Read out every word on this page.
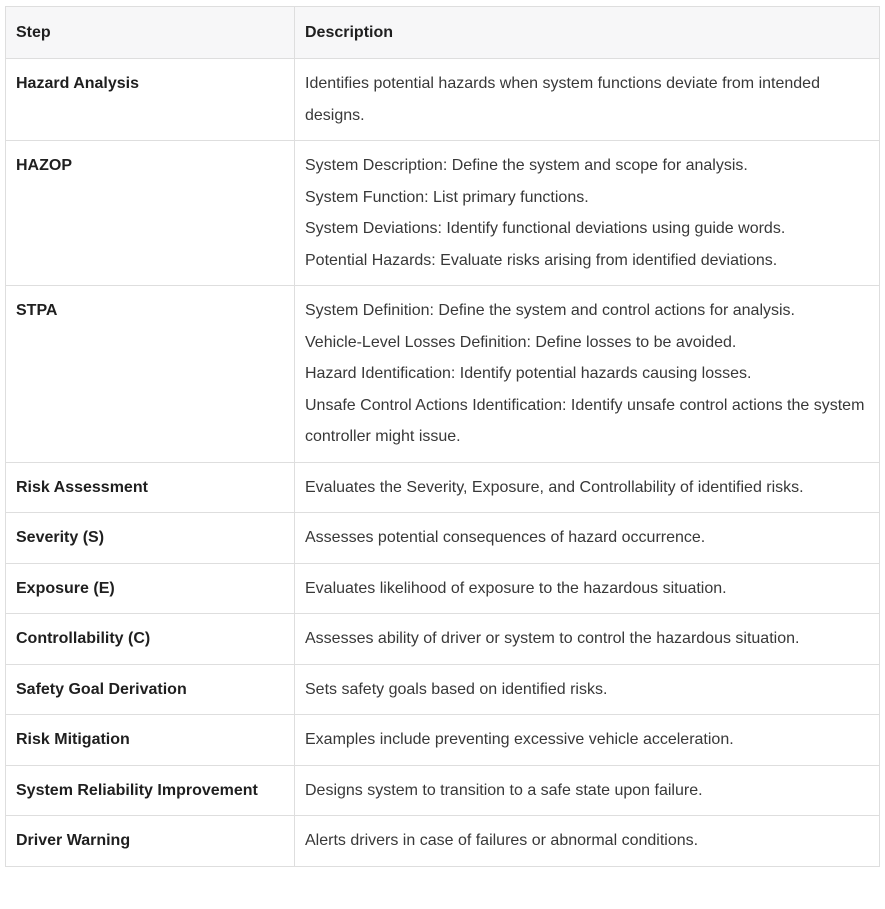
Step	Description
Hazard Analysis	Identifies potential hazards when system functions deviate from intended designs.

HAZOP	System Description: Define the system and scope for analysis.
System Function: List primary functions.
System Deviations: Identify functional deviations using guide words.
Potential Hazards: Evaluate risks arising from identified deviations.

STPA	System Definition: Define the system and control actions for analysis.
Vehicle-Level Losses Definition: Define losses to be avoided.
Hazard Identification: Identify potential hazards causing losses.
Unsafe Control Actions Identification: Identify unsafe control actions the system controller might issue.

Risk Assessment	Evaluates the Severity, Exposure, and Controllability of identified risks.

Severity (S)	Assesses potential consequences of hazard occurrence.

Exposure (E)	Evaluates likelihood of exposure to the hazardous situation.

Controllability (C)	Assesses ability of driver or system to control the hazardous situation.

Safety Goal Derivation	Sets safety goals based on identified risks.

Risk Mitigation	Examples include preventing excessive vehicle acceleration.

System Reliability Improvement	Designs system to transition to a safe state upon failure.

Driver Warning	Alerts drivers in case of failures or abnormal conditions.
